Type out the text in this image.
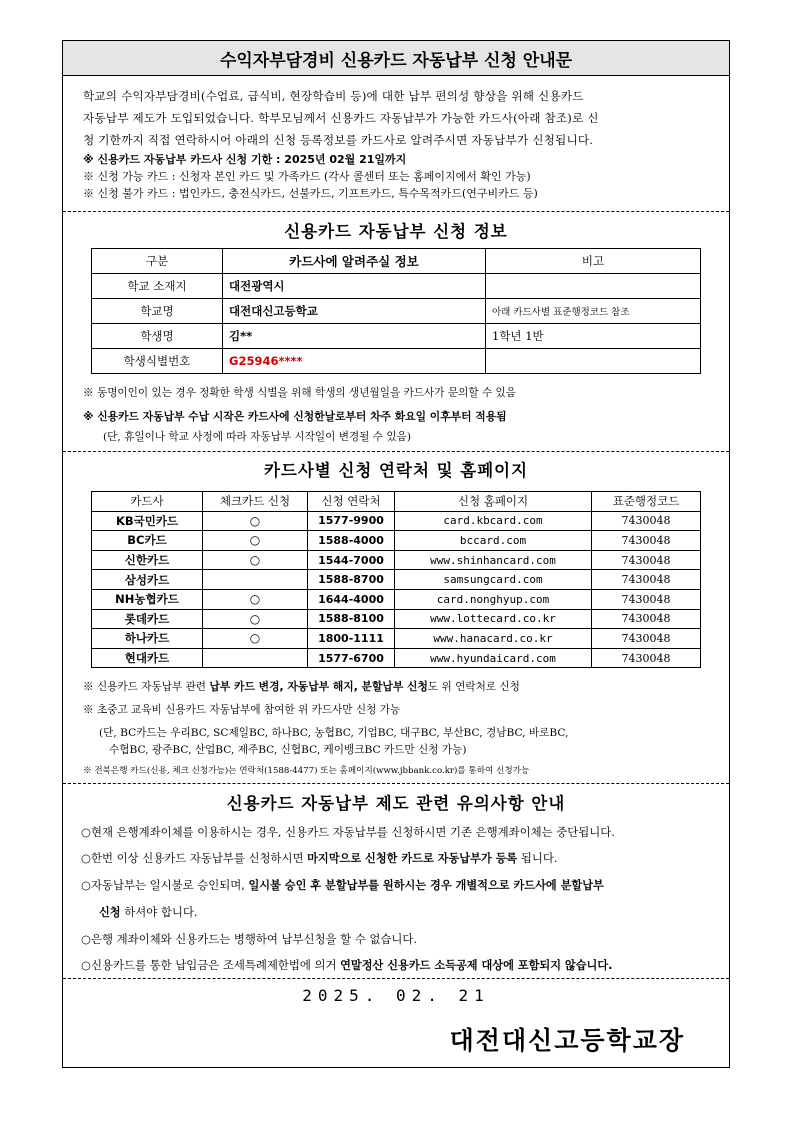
수익자부담경비 신용카드 자동납부 신청 안내문
학교의 수익자부담경비(수업료, 급식비, 현장학습비 등)에 대한 납부 편의성 향상을 위해 신용카드
자동납부 제도가 도입되었습니다. 학부모님께서 신용카드 자동납부가 가능한 카드사(아래 참조)로 신
청 기한까지 직접 연락하시어 아래의 신청 등록정보를 카드사로 알려주시면 자동납부가 신청됩니다.
※ 신용카드 자동납부 카드사 신청 기한 : 2025년 02월 21일까지
※ 신청 가능 카드 : 신청자 본인 카드 및 가족카드 (각사 콜센터 또는 홈페이지에서 확인 가능)
※ 신청 불가 카드 : 법인카드, 충전식카드, 선불카드, 기프트카드, 특수목적카드(연구비카드 등)
신용카드 자동납부 신청 정보
구분	카드사에 알려주실 정보	비고
학교 소재지	대전광역시	
학교명	대전대신고등학교	아래 카드사별 표준행정코드 참조
학생명	김**	1학년 1반
학생식별번호	G25946****	
※ 동명이인이 있는 경우 정확한 학생 식별을 위해 학생의 생년월일을 카드사가 문의할 수 있음
※ 신용카드 자동납부 수납 시작은 카드사에 신청한날로부터 차주 화요일 이후부터 적용됨
(단, 휴일이나 학교 사정에 따라 자동납부 시작일이 변경될 수 있음)
카드사별 신청 연락처 및 홈페이지
카드사	체크카드 신청	신청 연락처	신청 홈페이지	표준행정코드
KB국민카드	○	1577-9900	card.kbcard.com	7430048
BC카드	○	1588-4000	bccard.com	7430048
신한카드	○	1544-7000	www.shinhancard.com	7430048
삼성카드		1588-8700	samsungcard.com	7430048
NH농협카드	○	1644-4000	card.nonghyup.com	7430048
롯데카드	○	1588-8100	www.lottecard.co.kr	7430048
하나카드	○	1800-1111	www.hanacard.co.kr	7430048
현대카드		1577-6700	www.hyundaicard.com	7430048
※ 신용카드 자동납부 관련 납부 카드 변경, 자동납부 해지, 분할납부 신청도 위 연락처로 신청
※ 초중고 교육비 신용카드 자동납부에 참여한 위 카드사만 신청 가능
(단, BC카드는 우리BC, SC제일BC, 하나BC, 농협BC, 기업BC, 대구BC, 부산BC, 경남BC, 바로BC,
수협BC, 광주BC, 산업BC, 제주BC, 신협BC, 케이뱅크BC 카드만 신청 가능)
※ 전북은행 카드(신용, 체크 신청가능)는 연락처(1588-4477) 또는 홈페이지(www.jbbank.co.kr)를 통하여 신청가능
신용카드 자동납부 제도 관련 유의사항 안내
○현재 은행계좌이체를 이용하시는 경우, 신용카드 자동납부를 신청하시면 기존 은행계좌이체는 중단됩니다.
○한번 이상 신용카드 자동납부를 신청하시면 마지막으로 신청한 카드로 자동납부가 등록 됩니다.
○자동납부는 일시불로 승인되며, 일시불 승인 후 분할납부를 원하시는 경우 개별적으로 카드사에 분할납부
신청 하셔야 합니다.
○은행 계좌이체와 신용카드는 병행하여 납부신청을 할 수 없습니다.
○신용카드를 통한 납입금은 조세특례제한법에 의거 연말정산 신용카드 소득공제 대상에 포함되지 않습니다.
2025. 02. 21
대전대신고등학교장
